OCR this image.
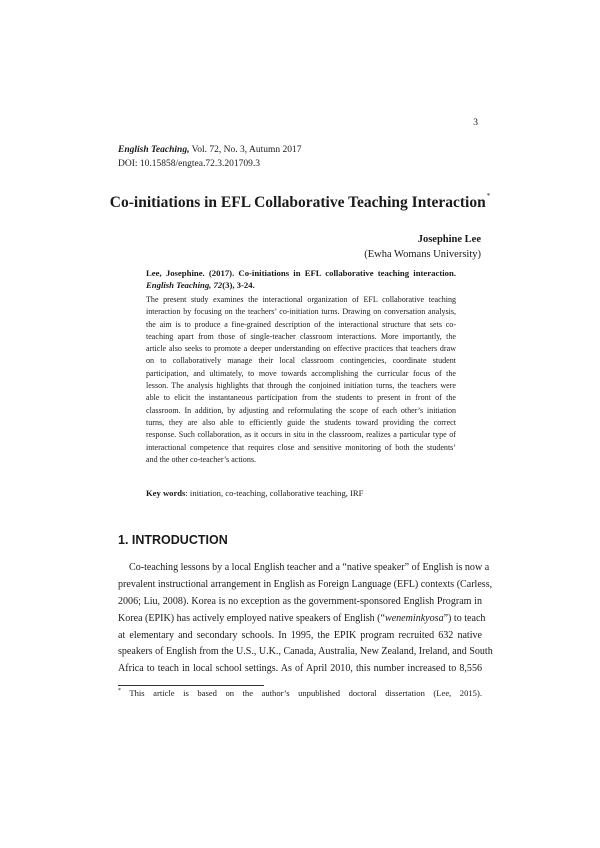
3
English Teaching, Vol. 72, No. 3, Autumn 2017
DOI: 10.15858/engtea.72.3.201709.3
Co-initiations in EFL Collaborative Teaching Interaction*
Josephine Lee
(Ewha Womans University)
Lee, Josephine. (2017). Co-initiations in EFL collaborative teaching interaction.
English Teaching, 72(3), 3-24.
The present study examines the interactional organization of EFL collaborative teaching
interaction by focusing on the teachers’ co-initiation turns. Drawing on conversation analysis,
the aim is to produce a fine-grained description of the interactional structure that sets co-
teaching apart from those of single-teacher classroom interactions. More importantly, the
article also seeks to promote a deeper understanding on effective practices that teachers draw
on to collaboratively manage their local classroom contingencies, coordinate student
participation, and ultimately, to move towards accomplishing the curricular focus of the
lesson. The analysis highlights that through the conjoined initiation turns, the teachers were
able to elicit the instantaneous participation from the students to present in front of the
classroom. In addition, by adjusting and reformulating the scope of each other’s initiation
turns, they are also able to efficiently guide the students toward providing the correct
response. Such collaboration, as it occurs in situ in the classroom, realizes a particular type of
interactional competence that requires close and sensitive monitoring of both the students’
and the other co-teacher’s actions.
Key words: initiation, co-teaching, collaborative teaching, IRF
1. INTRODUCTION
Co-teaching lessons by a local English teacher and a “native speaker” of English is now a
prevalent instructional arrangement in English as Foreign Language (EFL) contexts (Carless,
2006; Liu, 2008). Korea is no exception as the government-sponsored English Program in
Korea (EPIK) has actively employed native speakers of English (“weneminkyosa”) to teach
at elementary and secondary schools. In 1995, the EPIK program recruited 632 native
speakers of English from the U.S., U.K., Canada, Australia, New Zealand, Ireland, and South
Africa to teach in local school settings. As of April 2010, this number increased to 8,556
* This article is based on the author’s unpublished doctoral dissertation (Lee, 2015).
